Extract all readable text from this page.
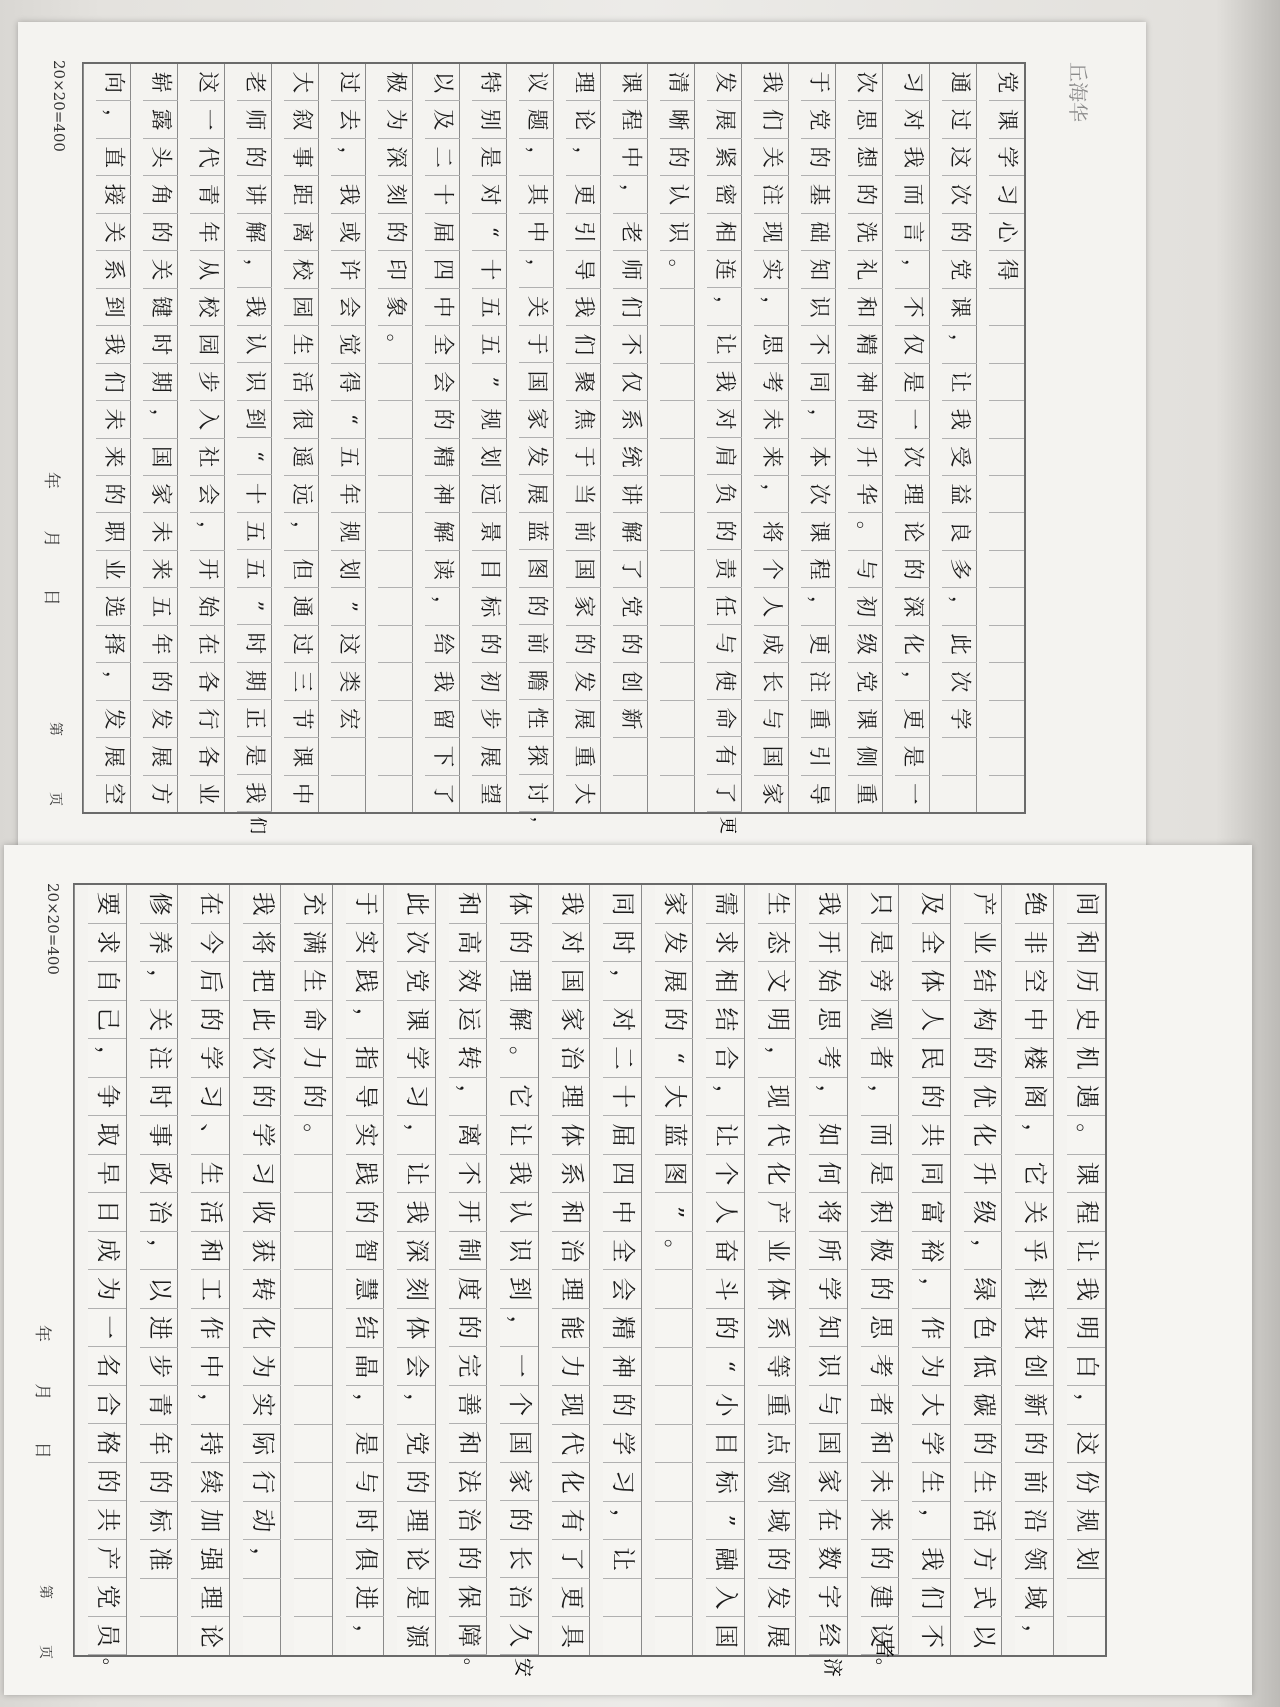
丘海华
20×20=400	党
课
学
习
心
得
通
过
这
次
的
党
课
，
让
我
受
益
良
多
，
此
次
学
习
对
我
而
言
，
不
仅
是
一
次
理
论
的
深
化
，
更
是
一
次
思
想
的
洗
礼
和
精
神
的
升
华
。
与
初
级
党
课
侧
重
于
党
的
基
础
知
识
不
同
，
本
次
课
程
，
更
注
重
引
导
我
们
关
注
现
实
，
思
考
未
来
，
将
个
人
成
长
与
国
家
发
展
紧
密
相
连
，
让
我
对
肩
负
的
责
任
与
使
命
有
了
更
清
晰
的
认
识
。
课
程
中
，
老
师
们
不
仅
系
统
讲
解
了
党
的
创
新
理
论
，
更
引
导
我
们
聚
焦
于
当
前
国
家
的
发
展
重
大
议
题
，
其
中
，
关
于
国
家
发
展
蓝
图
的
前
瞻
性
探
讨
，
特
别
是
对
“
十
五
五
”
规
划
远
景
目
标
的
初
步
展
望
以
及
二
十
届
四
中
全
会
的
精
神
解
读
，
给
我
留
下
了
极
为
深
刻
的
印
象
。
过
去
，
我
或
许
会
觉
得
“
五
年
规
划
”
这
类
宏
大
叙
事
距
离
校
园
生
活
很
遥
远
，
但
通
过
三
节
课
中
老
师
的
讲
解
，
我
认
识
到
“
十
五
五
”
时
期
正
是
我
们
这
一
代
青
年
从
校
园
步
入
社
会
，
开
始
在
各
行
各
业
崭
露
头
角
的
关
键
时
期
，
国
家
未
来
五
年
的
发
展
方
向
，
直
接
关
系
到
我
们
未
来
的
职
业
选
择
，
发
展
空
年 月 日
第
页
20×20=400	间
和
历
史
机
遇
。
课
程
让
我
明
白
，
这
份
规
划
绝
非
空
中
楼
阁
，
它
关
乎
科
技
创
新
的
前
沿
领
域
，
产
业
结
构
的
优
化
升
级
，
绿
色
低
碳
的
生
活
方
式
以
及
全
体
人
民
的
共
同
富
裕
，
作
为
大
学
生
，
我
们
不
只
是
旁
观
者
，
而
是
积
极
的
思
考
者
和
未
来
的
建
设
者。
我
开
始
思
考
，
如
何
将
所
学
知
识
与
国
家
在
数
字
经
济
生
态
文
明
，
现
代
化
产
业
体
系
等
重
点
领
域
的
发
展
需
求
相
结
合
，
让
个
人
奋
斗
的
“
小
目
标
”
融
入
国
家
发
展
的
“
大
蓝
图
”
。
同
时
，
对
二
十
届
四
中
全
会
精
神
的
学
习
，
让
我
对
国
家
治
理
体
系
和
治
理
能
力
现
代
化
有
了
更
具
体
的
理
解
。
它
让
我
认
识
到
，
一
个
国
家
的
长
治
久
安
和
高
效
运
转
，
离
不
开
制
度
的
完
善
和
法
治
的
保
障
。
此
次
党
课
学
习
，
让
我
深
刻
体
会
，
党
的
理
论
是
源
于
实
践
，
指
导
实
践
的
智
慧
结
晶
，
是
与
时
俱
进
，
充
满
生
命
力
的
。
我
将
把
此
次
的
学
习
收
获
转
化
为
实
际
行
动
，
在
今
后
的
学
习
、
生
活
和
工
作
中
，
持
续
加
强
理
论
修
养
，
关
注
时
事
政
治
，
以
进
步
青
年
的
标
准
要
求
自
己
，
争
取
早
日
成
为
一
名
合
格
的
共
产
党
员
。
年 月 日
第
页
